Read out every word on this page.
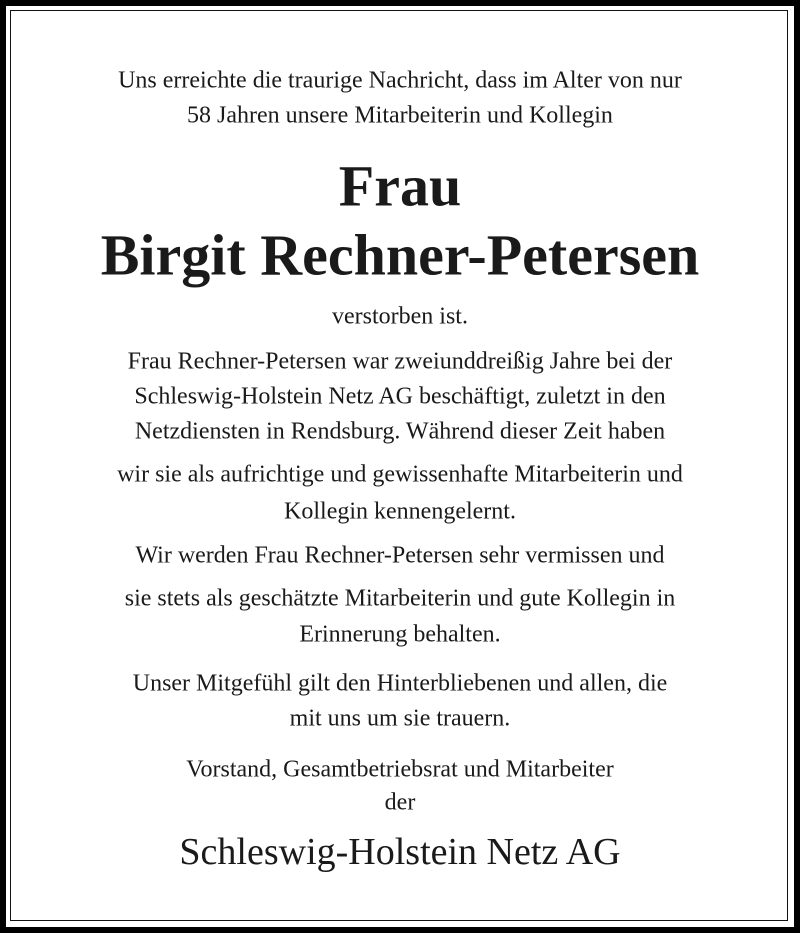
Uns erreichte die traurige Nachricht, dass im Alter von nur
58 Jahren unsere Mitarbeiterin und Kollegin
Frau
Birgit Rechner-Petersen
verstorben ist.
Frau Rechner-Petersen war zweiunddreißig Jahre bei der
Schleswig-Holstein Netz AG beschäftigt, zuletzt in den
Netzdiensten in Rendsburg. Während dieser Zeit haben
wir sie als aufrichtige und gewissenhafte Mitarbeiterin und
Kollegin kennengelernt.
Wir werden Frau Rechner-Petersen sehr vermissen und
sie stets als geschätzte Mitarbeiterin und gute Kollegin in
Erinnerung behalten.
Unser Mitgefühl gilt den Hinterbliebenen und allen, die
mit uns um sie trauern.
Vorstand, Gesamtbetriebsrat und Mitarbeiter
der
Schleswig-Holstein Netz AG
